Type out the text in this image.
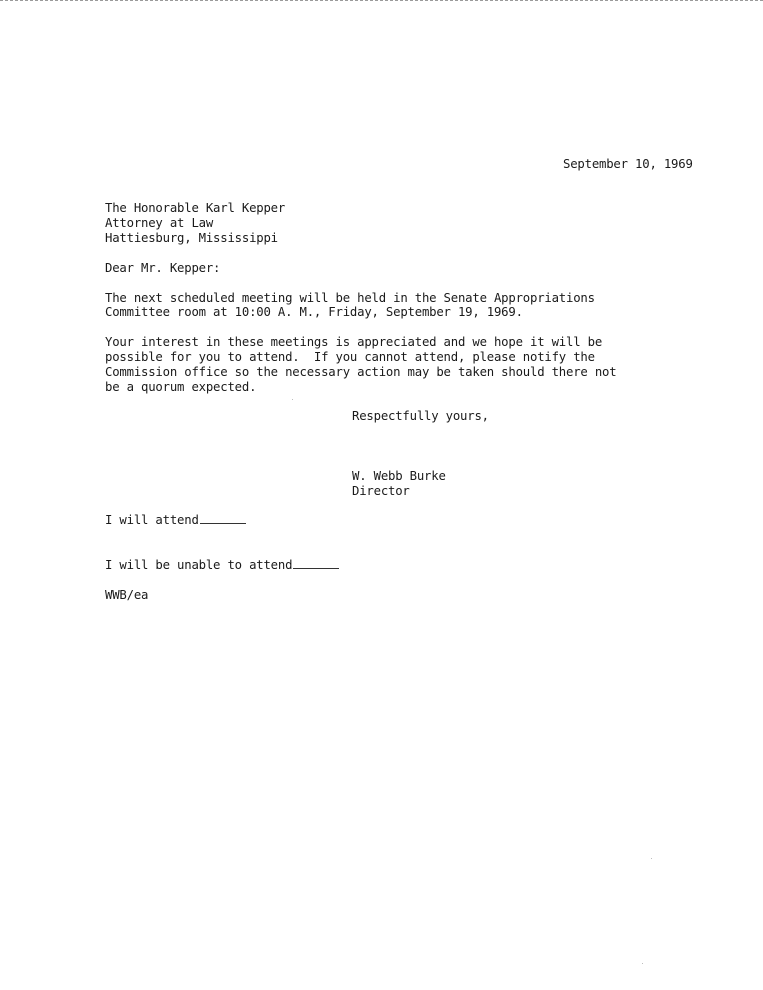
September 10, 1969
The Honorable Karl Kepper
Attorney at Law
Hattiesburg, Mississippi
Dear Mr. Kepper:
The next scheduled meeting will be held in the Senate Appropriations
Committee room at 10:00 A. M., Friday, September 19, 1969.
Your interest in these meetings is appreciated and we hope it will be
possible for you to attend.  If you cannot attend, please notify the
Commission office so the necessary action may be taken should there not
be a quorum expected.
Respectfully yours,
W. Webb Burke
Director
I will attend
I will be unable to attend
WWB/ea
